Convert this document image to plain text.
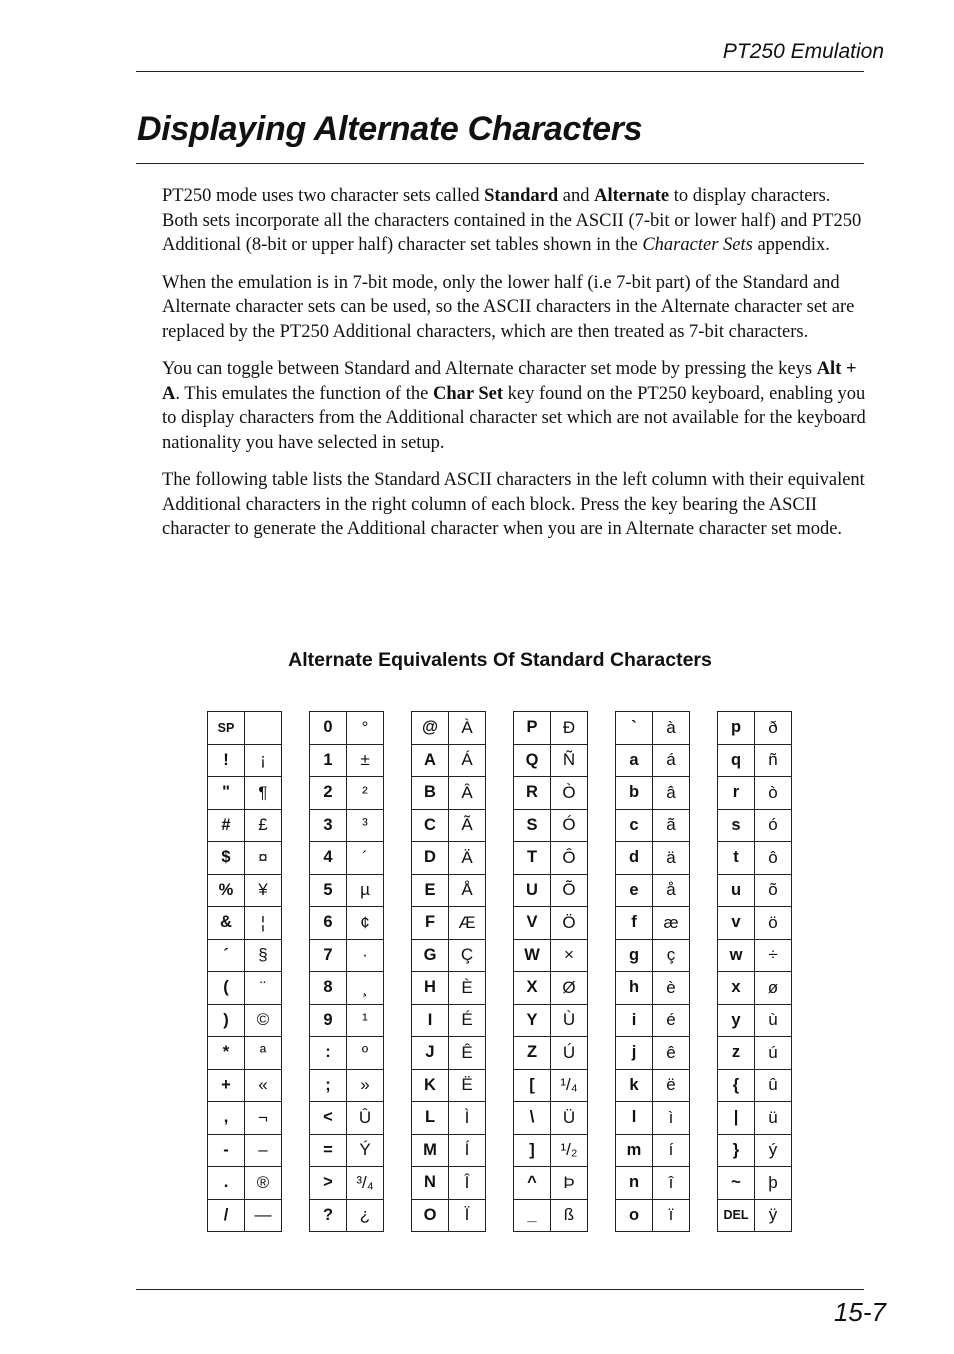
PT250 Emulation
Displaying Alternate Characters

PT250 mode uses two character sets called Standard and Alternate to display characters. Both sets incorporate all the characters contained in the ASCII (7-bit or lower half) and PT250 Additional (8-bit or upper half) character set tables shown in the Character Sets appendix.

When the emulation is in 7-bit mode, only the lower half (i.e 7-bit part) of the Standard and Alternate character sets can be used, so the ASCII characters in the Alternate character set are replaced by the PT250 Additional characters, which are then treated as 7-bit characters.

You can toggle between Standard and Alternate character set mode by pressing the keys Alt + A. This emulates the function of the Char Set key found on the PT250 keyboard, enabling you to display characters from the Additional character set which are not available for the keyboard nationality you have selected in setup.

The following table lists the Standard ASCII characters in the left column with their equivalent Additional characters in the right column of each block. Press the key bearing the ASCII character to generate the Additional character when you are in Alternate character set mode.

Alternate Equivalents Of Standard Characters
SP	
!	¡
"	¶
#	£
$	¤
%	¥
&	¦
´	§
(	¨
)	©
*	ª
+	«
,	¬
-	–
.	®
/	—
0	°
1	±
2	²
3	³
4	´
5	µ
6	¢
7	·
8	¸
9	¹
:	º
;	»
<	Û
=	Ý
>	³/₄
?	¿
@	À
A	Á
B	Â
C	Ã
D	Ä
E	Å
F	Æ
G	Ç
H	È
I	É
J	Ê
K	Ë
L	Ì
M	Í
N	Î
O	Ï
P	Đ
Q	Ñ
R	Ò
S	Ó
T	Ô
U	Õ
V	Ö
W	×
X	Ø
Y	Ù
Z	Ú
[	¹/₄
\	Ü
]	¹/₂
^	Þ
_	ß
`	à
a	á
b	â
c	ã
d	ä
e	å
f	æ
g	ç
h	è
i	é
j	ê
k	ë
l	ì
m	í
n	î
o	ï
p	ð
q	ñ
r	ò
s	ó
t	ô
u	õ
v	ö
w	÷
x	ø
y	ù
z	ú
{	û
|	ü
}	ý
~	þ
DEL	ÿ
15-7
